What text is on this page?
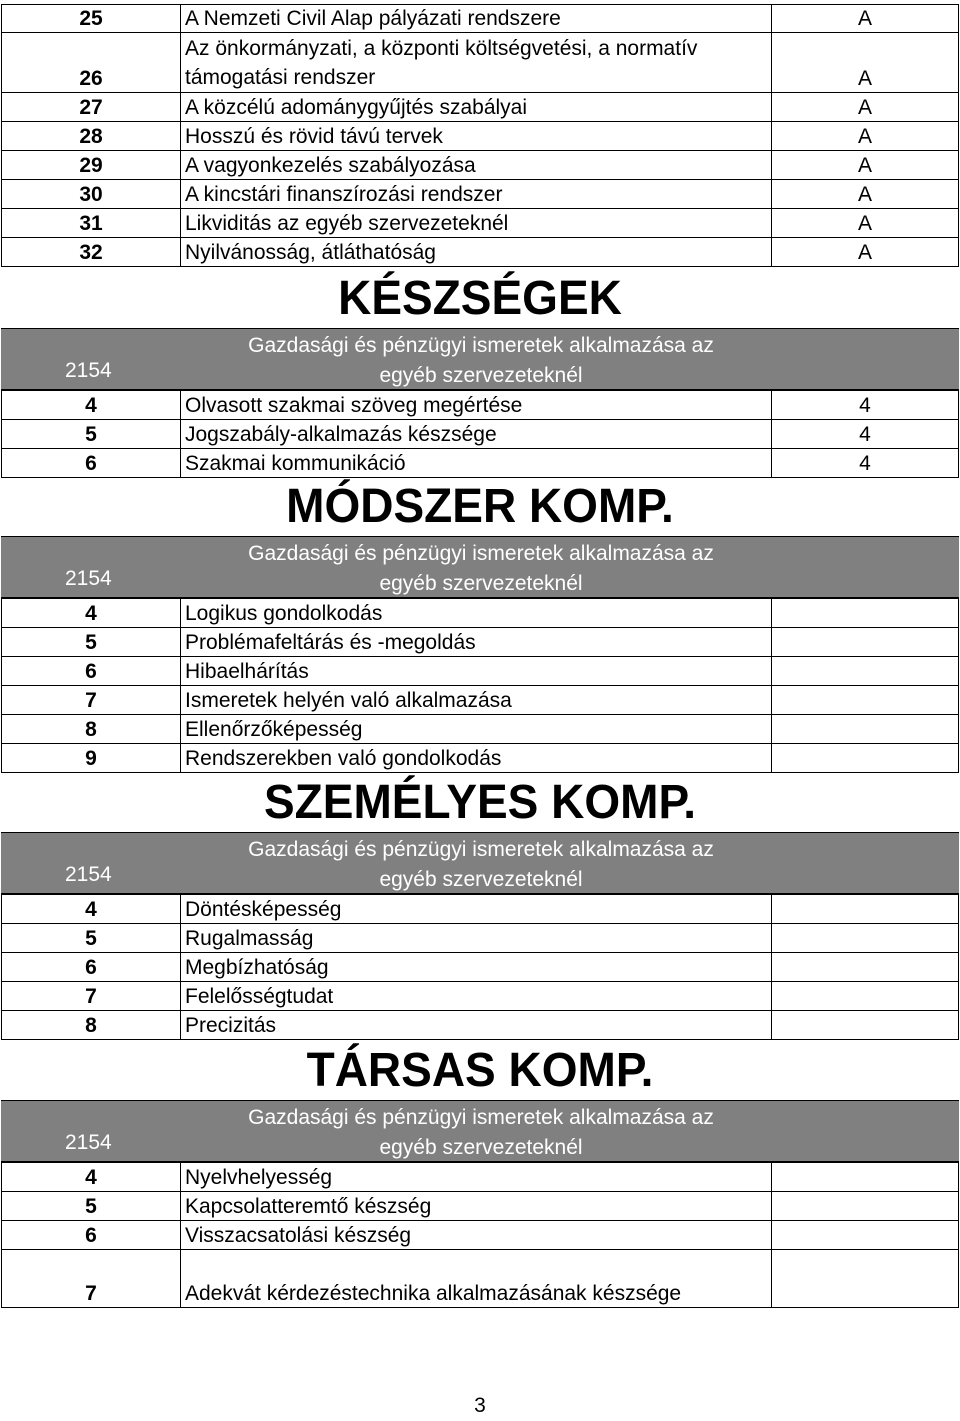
25	A Nemzeti Civil Alap pályázati rendszere	A
26	Az önkormányzati, a központi költségvetési, a normatív támogatási rendszer	A
27	A közcélú adománygyűjtés szabályai	A
28	Hosszú és rövid távú tervek	A
29	A vagyonkezelés szabályozása	A
30	A kincstári finanszírozási rendszer	A
31	Likviditás az egyéb szervezeteknél	A
32	Nyilvánosság, átláthatóság	A
KÉSZSÉGEK
2154
Gazdasági és pénzügyi ismeretek alkalmazása az
egyéb szervezeteknél
4	Olvasott szakmai szöveg megértése	4
5	Jogszabály-alkalmazás készsége	4
6	Szakmai kommunikáció	4
MÓDSZER KOMP.
2154
Gazdasági és pénzügyi ismeretek alkalmazása az
egyéb szervezeteknél
4	Logikus gondolkodás	
5	Problémafeltárás és -megoldás	
6	Hibaelhárítás	
7	Ismeretek helyén való alkalmazása	
8	Ellenőrzőképesség	
9	Rendszerekben való gondolkodás	
SZEMÉLYES KOMP.
2154
Gazdasági és pénzügyi ismeretek alkalmazása az
egyéb szervezeteknél
4	Döntésképesség	
5	Rugalmasság	
6	Megbízhatóság	
7	Felelősségtudat	
8	Precizitás	
TÁRSAS KOMP.
2154
Gazdasági és pénzügyi ismeretek alkalmazása az
egyéb szervezeteknél
4	Nyelvhelyesség	
5	Kapcsolatteremtő készség	
6	Visszacsatolási készség	
7	Adekvát kérdezéstechnika alkalmazásának készsége	
3
